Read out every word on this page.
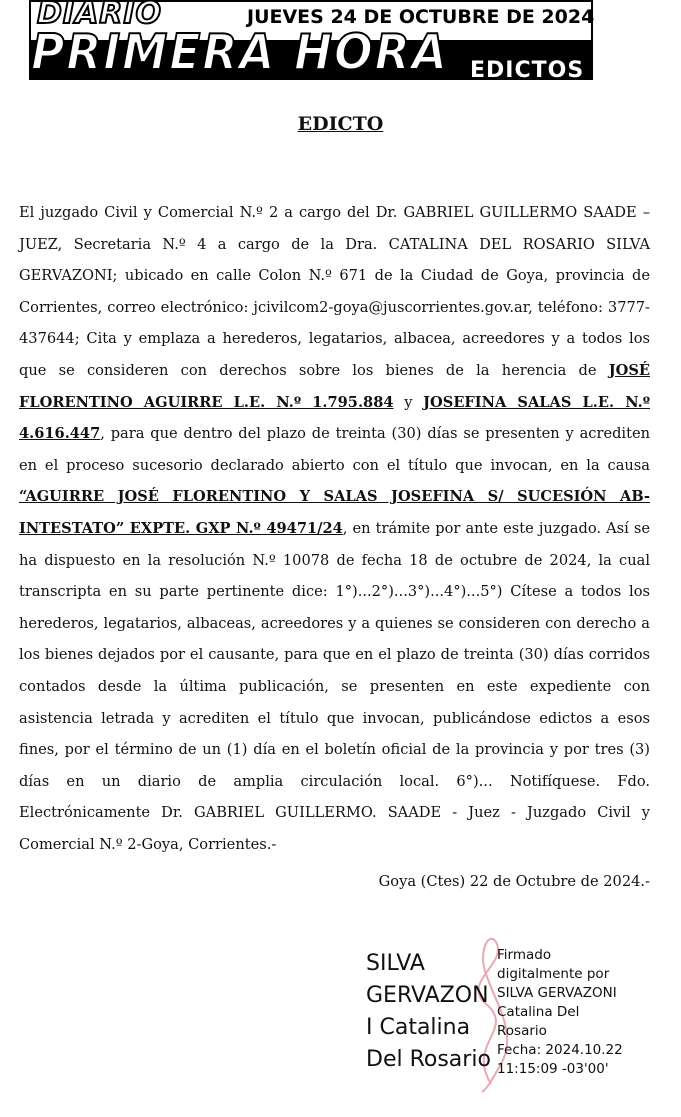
DIARIO	JUEVES 24 DE OCTUBRE DE 2024
PRIMERA HORA EDICTOS
EDICTO
El juzgado Civil y Comercial N.º 2 a cargo del Dr. GABRIEL GUILLERMO SAADE – JUEZ, Secretaria N.º 4 a cargo de la Dra. CATALINA DEL ROSARIO SILVA GERVAZONI; ubicado en calle Colon N.º 671 de la Ciudad de Goya, provincia de Corrientes, correo electrónico: jcivilcom2-goya@juscorrientes.gov.ar, teléfono: 3777-437644; Cita y emplaza a herederos, legatarios, albacea, acreedores y a todos los que se consideren con derechos sobre los bienes de la herencia de JOSÉ FLORENTINO AGUIRRE L.E. N.º 1.795.884 y JOSEFINA SALAS L.E. N.º 4.616.447, para que dentro del plazo de treinta (30) días se presenten y acrediten en el proceso sucesorio declarado abierto con el título que invocan, en la causa “AGUIRRE JOSÉ FLORENTINO Y SALAS JOSEFINA S/ SUCESIÓN AB-INTESTATO” EXPTE. GXP N.º 49471/24, en trámite por ante este juzgado. Así se ha dispuesto en la resolución N.º 10078 de fecha 18 de octubre de 2024, la cual transcripta en su parte pertinente dice: 1°)...2°)...3°)...4°)...5°) Cítese a todos los herederos, legatarios, albaceas, acreedores y a quienes se consideren con derecho a los bienes dejados por el causante, para que en el plazo de treinta (30) días corridos contados desde la última publicación, se presenten en este expediente con asistencia letrada y acrediten el título que invocan, publicándose edictos a esos fines, por el término de un (1) día en el boletín oficial de la provincia y por tres (3) días en un diario de amplia circulación local. 6°)... Notifíquese. Fdo. Electrónicamente Dr. GABRIEL GUILLERMO. SAADE - Juez - Juzgado Civil y Comercial N.º 2-Goya, Corrientes.-
Goya (Ctes) 22 de Octubre de 2024.-
SILVA
GERVAZON
I Catalina
Del Rosario
Firmado
digitalmente por
SILVA GERVAZONI
Catalina Del
Rosario
Fecha: 2024.10.22
11:15:09 -03'00'
